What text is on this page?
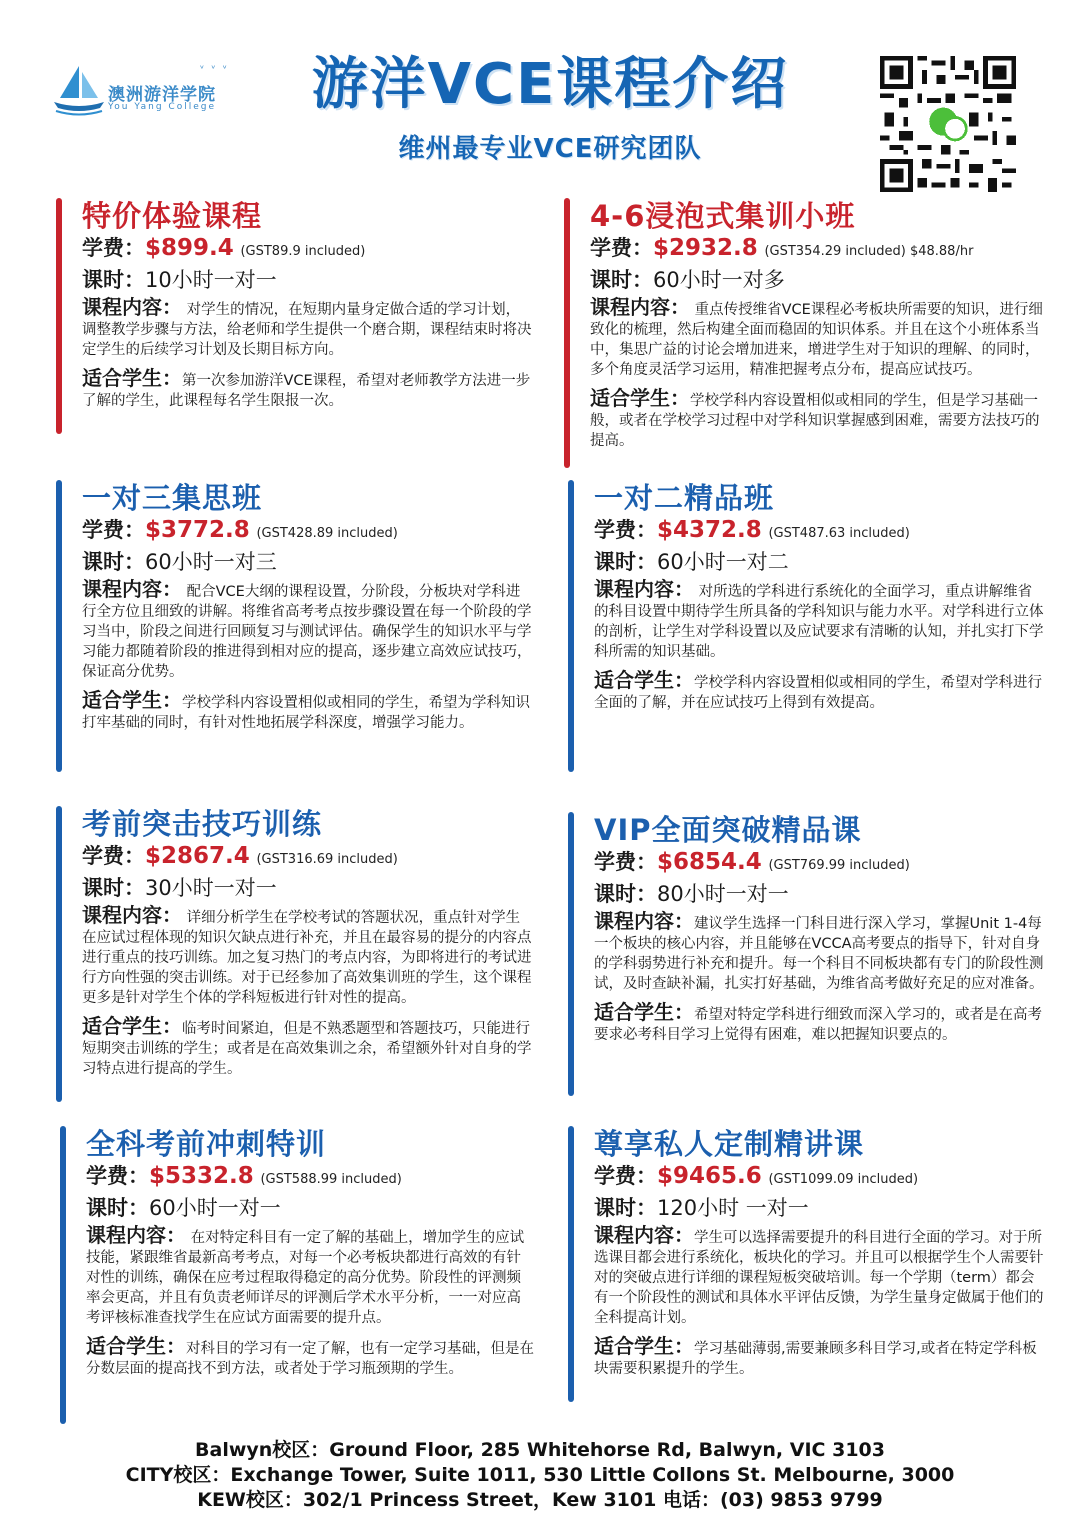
ᵛ ᵛ ᵛ
澳洲游洋学院
You Yang College	游洋VCE课程介绍
维州最专业VCE研究团队
特价体验课程
学费：$899.4 (GST89.9 included)
课时：10小时一对一
课程内容： 对学生的情况，在短期内量身定做合适的学习计划，调整教学步骤与方法，给老师和学生提供一个磨合期，课程结束时将决定学生的后续学习计划及长期目标方向。
适合学生：第一次参加游洋VCE课程，希望对老师教学方法进一步了解的学生，此课程每名学生限报一次。
4-6浸泡式集训小班
学费：$2932.8 (GST354.29 included) $48.88/hr
课时：60小时一对多
课程内容： 重点传授维省VCE课程必考板块所需要的知识，进行细致化的梳理，然后构建全面而稳固的知识体系。并且在这个小班体系当中，集思广益的讨论会增加进来，增进学生对于知识的理解、的同时，多个角度灵活学习运用，精准把握考点分布，提高应试技巧。
适合学生：学校学科内容设置相似或相同的学生，但是学习基础一般，或者在学校学习过程中对学科知识掌握感到困难，需要方法技巧的提高。
一对三集思班
学费：$3772.8 (GST428.89 included)
课时：60小时一对三
课程内容： 配合VCE大纲的课程设置，分阶段，分板块对学科进行全方位且细致的讲解。将维省高考考点按步骤设置在每一个阶段的学习当中，阶段之间进行回顾复习与测试评估。确保学生的知识水平与学习能力都随着阶段的推进得到相对应的提高，逐步建立高效应试技巧，保证高分优势。
适合学生：学校学科内容设置相似或相同的学生，希望为学科知识打牢基础的同时，有针对性地拓展学科深度，增强学习能力。
一对二精品班
学费：$4372.8 (GST487.63 included)
课时：60小时一对二
课程内容： 对所选的学科进行系统化的全面学习，重点讲解维省的科目设置中期待学生所具备的学科知识与能力水平。对学科进行立体的剖析，让学生对学科设置以及应试要求有清晰的认知，并扎实打下学科所需的知识基础。
适合学生：学校学科内容设置相似或相同的学生，希望对学科进行全面的了解，并在应试技巧上得到有效提高。
考前突击技巧训练
学费：$2867.4 (GST316.69 included)
课时：30小时一对一
课程内容： 详细分析学生在学校考试的答题状况，重点针对学生在应试过程体现的知识欠缺点进行补充，并且在最容易的提分的内容点进行重点的技巧训练。加之复习热门的考点内容，为即将进行的考试进行方向性强的突击训练。对于已经参加了高效集训班的学生，这个课程更多是针对学生个体的学科短板进行针对性的提高。
适合学生：临考时间紧迫，但是不熟悉题型和答题技巧，只能进行短期突击训练的学生；或者是在高效集训之余，希望额外针对自身的学习特点进行提高的学生。
VIP全面突破精品课
学费：$6854.4 (GST769.99 included)
课时：80小时一对一
课程内容：建议学生选择一门科目进行深入学习，掌握Unit 1-4每一个板块的核心内容，并且能够在VCCA高考要点的指导下，针对自身的学科弱势进行补充和提升。每一个科目不同板块都有专门的阶段性测试，及时查缺补漏，扎实打好基础，为维省高考做好充足的应对准备。
适合学生：希望对特定学科进行细致而深入学习的，或者是在高考要求必考科目学习上觉得有困难，难以把握知识要点的。
全科考前冲刺特训
学费：$5332.8 (GST588.99 included)
课时：60小时一对一
课程内容： 在对特定科目有一定了解的基础上，增加学生的应试技能，紧跟维省最新高考考点，对每一个必考板块都进行高效的有针对性的训练，确保在应考过程取得稳定的高分优势。阶段性的评测频率会更高，并且有负责老师详尽的评测后学术水平分析，一一对应高考评核标准查找学生在应试方面需要的提升点。
适合学生：对科目的学习有一定了解，也有一定学习基础，但是在分数层面的提高找不到方法，或者处于学习瓶颈期的学生。
尊享私人定制精讲课
学费：$9465.6 (GST1099.09 included)
课时：120小时 一对一
课程内容：学生可以选择需要提升的科目进行全面的学习。对于所选课目都会进行系统化，板块化的学习。并且可以根据学生个人需要针对的突破点进行详细的课程短板突破培训。每一个学期（term）都会有一个阶段性的测试和具体水平评估反馈，为学生量身定做属于他们的全科提高计划。
适合学生：学习基础薄弱,需要兼顾多科目学习,或者在特定学科板块需要积累提升的学生。
Balwyn校区：Ground Floor, 285 Whitehorse Rd, Balwyn, VIC 3103
CITY校区：Exchange Tower, Suite 1011, 530 Little Collons St. Melbourne, 3000
KEW校区：302/1 Princess Street，Kew 3101 电话：(03) 9853 9799
